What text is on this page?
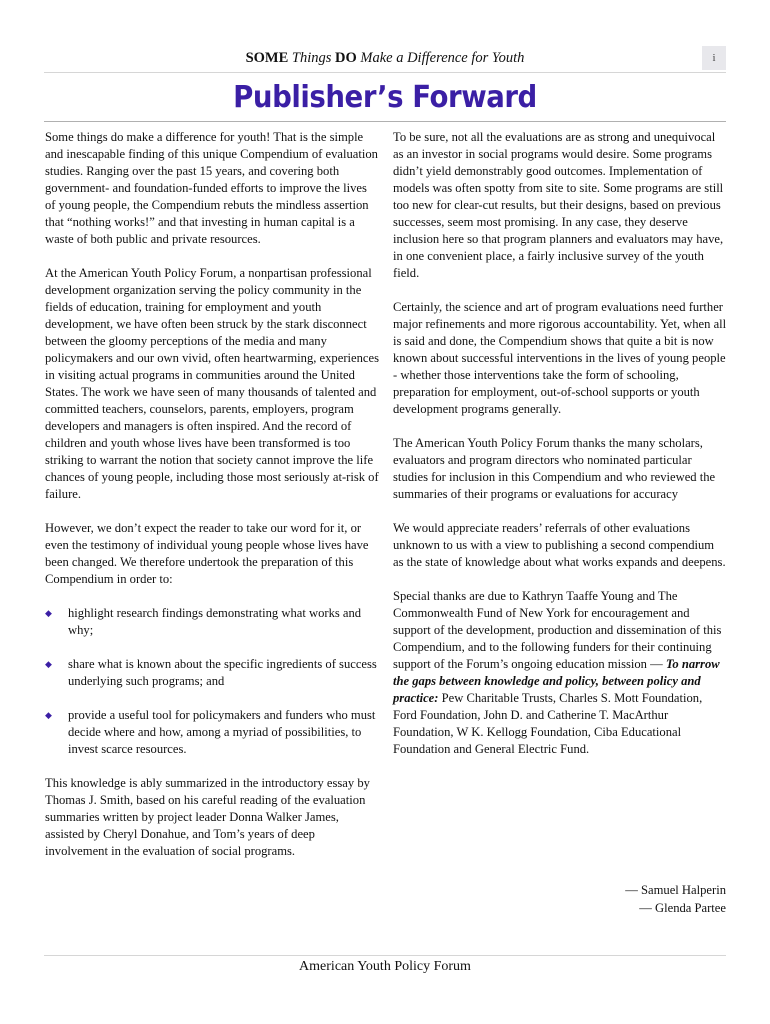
SOME Things DO Make a Difference for Youth	i
Publisher’s Forward

Some things do make a difference for youth! That is the simple and inescapable finding of this unique Compendium of evaluation studies. Ranging over the past 15 years, and covering both government- and foundation-funded efforts to improve the lives of young people, the Compendium rebuts the mindless assertion that “nothing works!” and that investing in human capital is a waste of both public and private resources.

At the American Youth Policy Forum, a nonpartisan professional development organization serving the policy community in the fields of education, training for employment and youth development, we have often been struck by the stark disconnect between the gloomy perceptions of the media and many policymakers and our own vivid, often heartwarming, experiences in visiting actual programs in communities around the United States. The work we have seen of many thousands of talented and committed teachers, counselors, parents, employers, program developers and managers is often inspired. And the record of children and youth whose lives have been transformed is too striking to warrant the notion that society cannot improve the life chances of young people, including those most seriously at-risk of failure.

However, we don’t expect the reader to take our word for it, or even the testimony of individual young people whose lives have been changed. We therefore undertook the preparation of this Compendium in order to:

◆ highlight research findings demonstrating what works and why;
◆ share what is known about the specific ingredients of success underlying such programs; and
◆ provide a useful tool for policymakers and funders who must decide where and how, among a myriad of possibilities, to invest scarce resources.

This knowledge is ably summarized in the introductory essay by Thomas J. Smith, based on his careful reading of the evaluation summaries written by project leader Donna Walker James, assisted by Cheryl Donahue, and Tom’s years of deep involvement in the evaluation of social programs.

To be sure, not all the evaluations are as strong and unequivocal as an investor in social programs would desire. Some programs didn’t yield demonstrably good outcomes. Implementation of models was often spotty from site to site. Some programs are still too new for clear-cut results, but their designs, based on previous successes, seem most promising. In any case, they deserve inclusion here so that program planners and evaluators may have, in one convenient place, a fairly inclusive survey of the youth field.

Certainly, the science and art of program evaluations need further major refinements and more rigorous accountability. Yet, when all is said and done, the Compendium shows that quite a bit is now known about successful interventions in the lives of young people - whether those interventions take the form of schooling, preparation for employment, out-of-school supports or youth development programs generally.

The American Youth Policy Forum thanks the many scholars, evaluators and program directors who nominated particular studies for inclusion in this Compendium and who reviewed the summaries of their programs or evaluations for accuracy

We would appreciate readers’ referrals of other evaluations unknown to us with a view to publishing a second compendium as the state of knowledge about what works expands and deepens.

Special thanks are due to Kathryn Taaffe Young and The Commonwealth Fund of New York for encouragement and support of the development, production and dissemination of this Compendium, and to the following funders for their continuing support of the Forum’s ongoing education mission — To narrow the gaps between knowledge and policy, between policy and practice: Pew Charitable Trusts, Charles S. Mott Foundation, Ford Foundation, John D. and Catherine T. MacArthur Foundation, W K. Kellogg Foundation, Ciba Educational Foundation and General Electric Fund.

— Samuel Halperin
— Glenda Partee
American Youth Policy Forum
